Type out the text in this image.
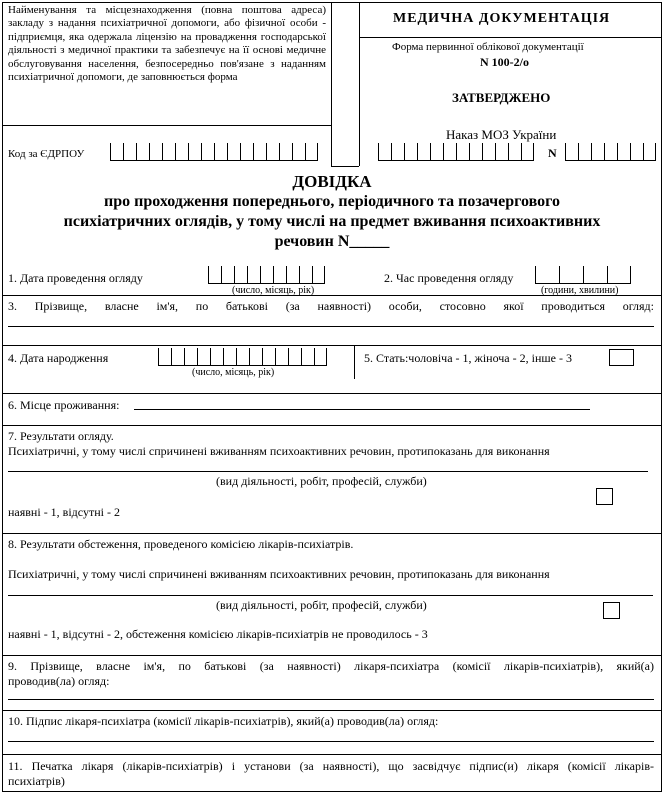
Найменування та місцезнаходження (повна поштова адреса) закладу з надання психіатричної допомоги, або фізичної особи - підприємця, яка одержала ліцензію на провадження господарської діяльності з медичної практики та забезпечує на її основі медичне обслуговування населення, безпосередньо пов'язане з наданням психіатричної допомоги, де заповнюється форма
Код за ЄДРПОУ
МЕДИЧНА ДОКУМЕНТАЦІЯ
Форма первинної облікової документації
N 100-2/о
ЗАТВЕРДЖЕНО
Наказ МОЗ України
N
ДОВІДКА
про проходження попереднього, періодичного та позачергового
психіатричних оглядів, у тому числі на предмет вживання психоактивних
речовин N_____
1. Дата проведення огляду
(число, місяць, рік)
2. Час проведення огляду
(години, хвилини)
3. Прізвище, власне ім'я, по батькові (за наявності) особи, стосовно якої проводиться огляд:
4. Дата народження
(число, місяць, рік)
5. Стать:чоловіча - 1, жіноча - 2, інше - 3
6. Місце проживання:
7. Результати огляду.
Психіатричні, у тому числі спричинені вживанням психоактивних речовин, протипоказань для виконання
(вид діяльності, робіт, професій, служби)
наявні - 1, відсутні - 2
8. Результати обстеження, проведеного комісією лікарів-психіатрів.
Психіатричні, у тому числі спричинені вживанням психоактивних речовин, протипоказань для виконання
(вид діяльності, робіт, професій, служби)
наявні - 1, відсутні - 2, обстеження комісією лікарів-психіатрів не проводилось - 3
9. Прізвище, власне ім'я, по батькові (за наявності) лікаря-психіатра (комісії лікарів-психіатрів), який(а)
проводив(ла) огляд:
10. Підпис лікаря-психіатра (комісії лікарів-психіатрів), який(а) проводив(ла) огляд:
11. Печатка лікаря (лікарів-психіатрів) і установи (за наявності), що засвідчує підпис(и) лікаря (комісії лікарів-
психіатрів)
